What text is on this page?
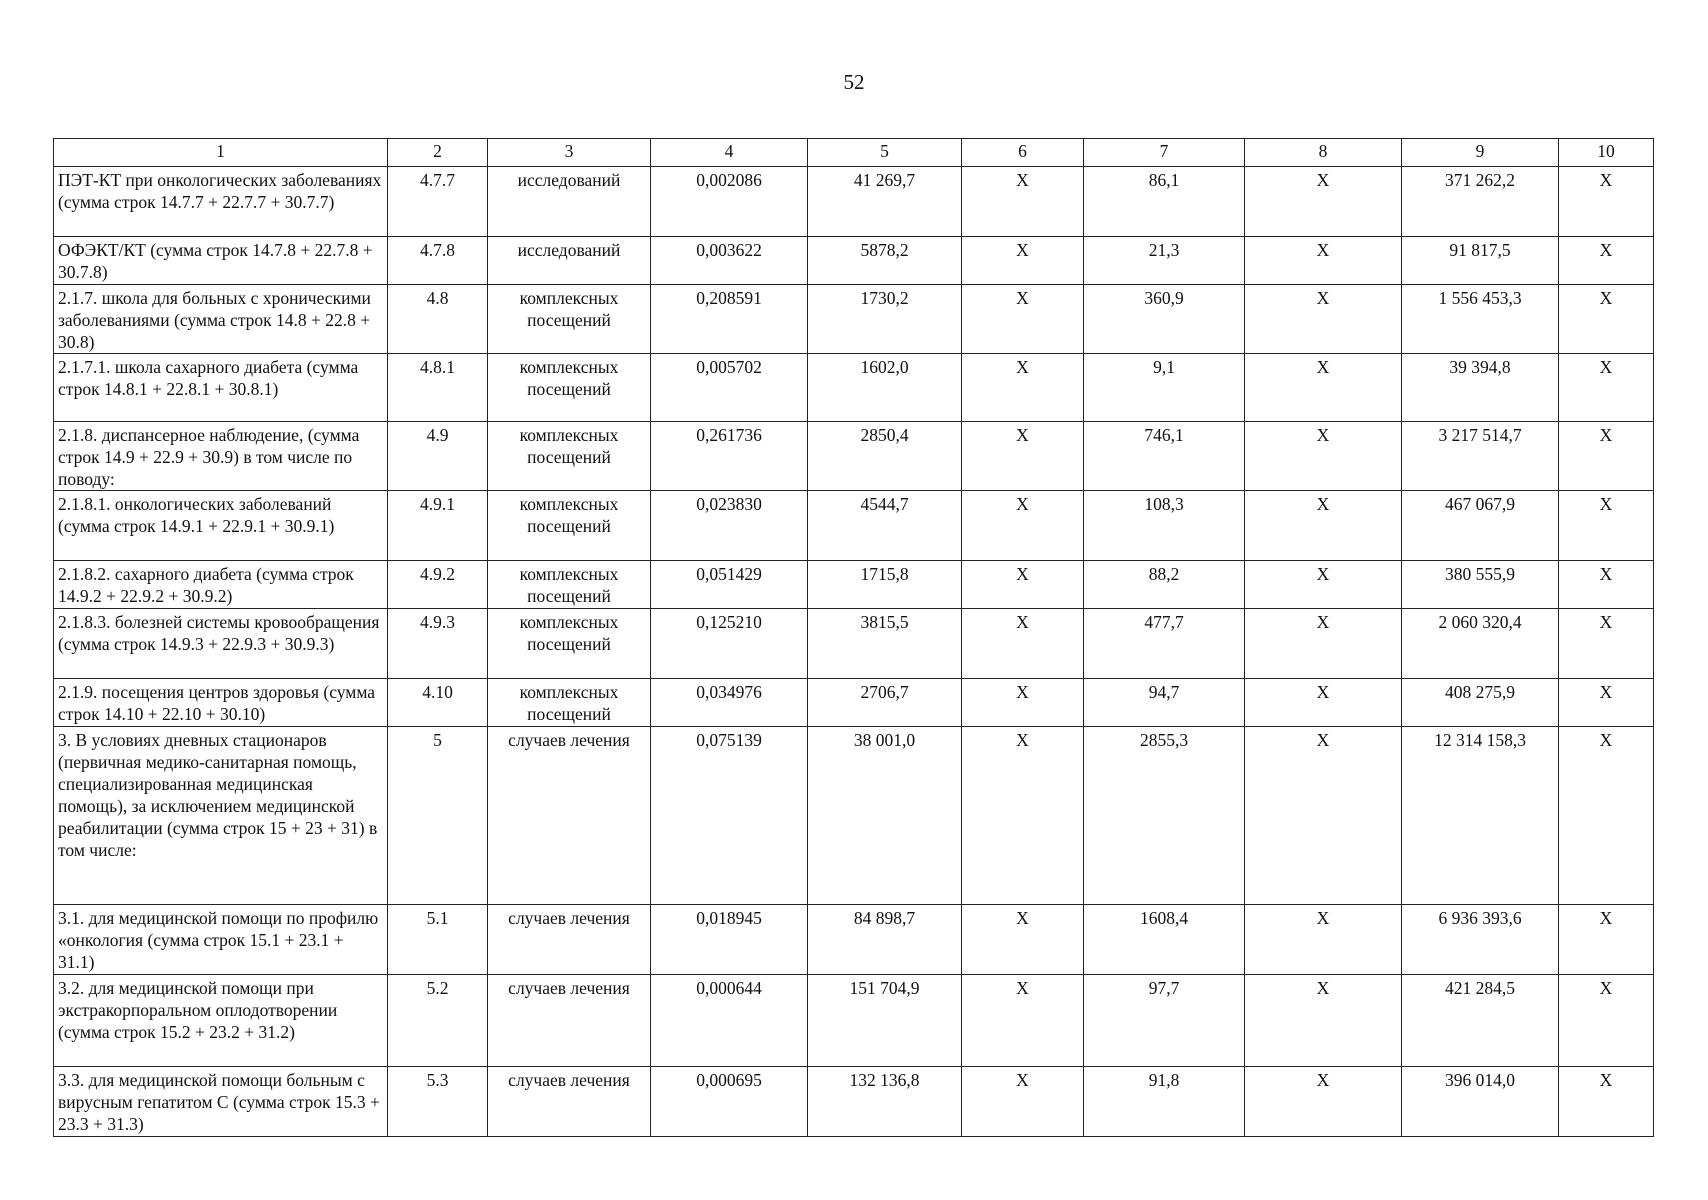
52
1	2	3	4	5	6	7	8	9	10
ПЭТ-КТ при онкологических заболеваниях (сумма строк 14.7.7 + 22.7.7 + 30.7.7)	4.7.7	исследований	0,002086	41 269,7	X	86,1	X	371 262,2	X
ОФЭКТ/КТ (сумма строк 14.7.8 + 22.7.8 + 30.7.8)	4.7.8	исследований	0,003622	5878,2	X	21,3	X	91 817,5	X
2.1.7. школа для больных с хроническими заболеваниями (сумма строк 14.8 + 22.8 + 30.8)	4.8	комплексных посещений	0,208591	1730,2	X	360,9	X	1 556 453,3	X
2.1.7.1. школа сахарного диабета (сумма строк 14.8.1 + 22.8.1 + 30.8.1)	4.8.1	комплексных посещений	0,005702	1602,0	X	9,1	X	39 394,8	X
2.1.8. диспансерное наблюдение, (сумма строк 14.9 + 22.9 + 30.9) в том числе по поводу:	4.9	комплексных посещений	0,261736	2850,4	X	746,1	X	3 217 514,7	X
2.1.8.1. онкологических заболеваний (сумма строк 14.9.1 + 22.9.1 + 30.9.1)	4.9.1	комплексных посещений	0,023830	4544,7	X	108,3	X	467 067,9	X
2.1.8.2. сахарного диабета (сумма строк 14.9.2 + 22.9.2 + 30.9.2)	4.9.2	комплексных посещений	0,051429	1715,8	X	88,2	X	380 555,9	X
2.1.8.3. болезней системы кровообращения (сумма строк 14.9.3 + 22.9.3 + 30.9.3)	4.9.3	комплексных посещений	0,125210	3815,5	X	477,7	X	2 060 320,4	X
2.1.9. посещения центров здоровья (сумма строк 14.10 + 22.10 + 30.10)	4.10	комплексных посещений	0,034976	2706,7	X	94,7	X	408 275,9	X
3. В условиях дневных стационаров (первичная медико-санитарная помощь, специализированная медицинская помощь), за исключением медицинской реабилитации (сумма строк 15 + 23 + 31) в том числе:	5	случаев лечения	0,075139	38 001,0	X	2855,3	X	12 314 158,3	X
3.1. для медицинской помощи по профилю «онкология (сумма строк 15.1 + 23.1 + 31.1)	5.1	случаев лечения	0,018945	84 898,7	X	1608,4	X	6 936 393,6	X
3.2. для медицинской помощи при экстракорпоральном оплодотворении (сумма строк 15.2 + 23.2 + 31.2)	5.2	случаев лечения	0,000644	151 704,9	X	97,7	X	421 284,5	X
3.3. для медицинской помощи больным с вирусным гепатитом С (сумма строк 15.3 + 23.3 + 31.3)	5.3	случаев лечения	0,000695	132 136,8	X	91,8	X	396 014,0	X
